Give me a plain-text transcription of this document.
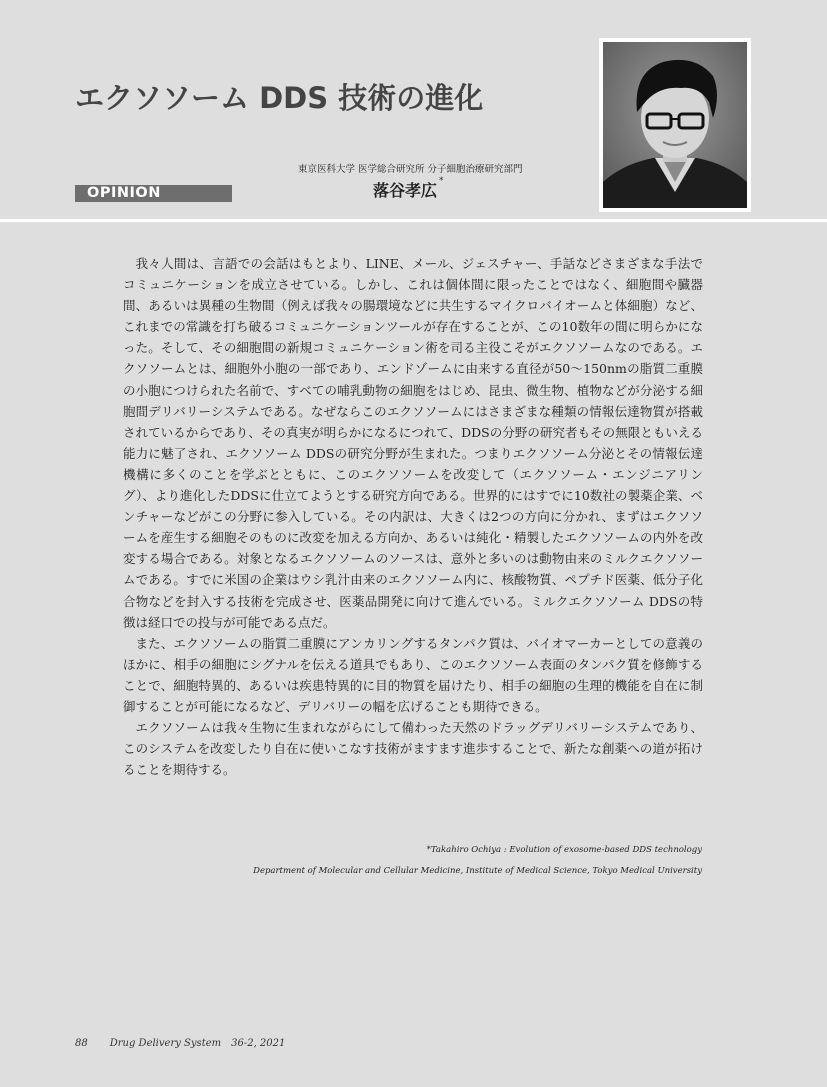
エクソソーム DDS 技術の進化
東京医科大学 医学総合研究所 分子細胞治療研究部門
落谷孝広 *
OPINION

我々人間は、言語での会話はもとより、LINE、メール、ジェスチャー、手話などさまざまな手法でコミュニケーションを成立させている。しかし、これは個体間に限ったことではなく、細胞間や臓器間、あるいは異種の生物間（例えば我々の腸環境などに共生するマイクロバイオームと体細胞）など、これまでの常識を打ち破るコミュニケーションツールが存在することが、この10数年の間に明らかになった。そして、その細胞間の新規コミュニケーション術を司る主役こそがエクソソームなのである。エクソソームとは、細胞外小胞の一部であり、エンドゾームに由来する直径が50～150nmの脂質二重膜の小胞につけられた名前で、すべての哺乳動物の細胞をはじめ、昆虫、微生物、植物などが分泌する細胞間デリバリーシステムである。なぜならこのエクソソームにはさまざまな種類の情報伝達物質が搭載されているからであり、その真実が明らかになるにつれて、DDSの分野の研究者もその無限ともいえる能力に魅了され、エクソソーム DDSの研究分野が生まれた。つまりエクソソーム分泌とその情報伝達機構に多くのことを学ぶとともに、このエクソソームを改変して（エクソソーム・エンジニアリング）、より進化したDDSに仕立てようとする研究方向である。世界的にはすでに10数社の製薬企業、ベンチャーなどがこの分野に参入している。その内訳は、大きくは2つの方向に分かれ、まずはエクソソームを産生する細胞そのものに改変を加える方向か、あるいは純化・精製したエクソソームの内外を改変する場合である。対象となるエクソソームのソースは、意外と多いのは動物由来のミルクエクソソームである。すでに米国の企業はウシ乳汁由来のエクソソーム内に、核酸物質、ペプチド医薬、低分子化合物などを封入する技術を完成させ、医薬品開発に向けて進んでいる。ミルクエクソソーム DDSの特徴は経口での投与が可能である点だ。

また、エクソソームの脂質二重膜にアンカリングするタンパク質は、バイオマーカーとしての意義のほかに、相手の細胞にシグナルを伝える道具でもあり、このエクソソーム表面のタンパク質を修飾することで、細胞特異的、あるいは疾患特異的に目的物質を届けたり、相手の細胞の生理的機能を自在に制御することが可能になるなど、デリバリーの幅を広げることも期待できる。

エクソソームは我々生物に生まれながらにして備わった天然のドラッグデリバリーシステムであり、このシステムを改変したり自在に使いこなす技術がますます進歩することで、新たな創薬への道が拓けることを期待する。

*Takahiro Ochiya : Evolution of exosome-based DDS technology
Department of Molecular and Cellular Medicine, Institute of Medical Science, Tokyo Medical University
88 Drug Delivery System　36-2, 2021
